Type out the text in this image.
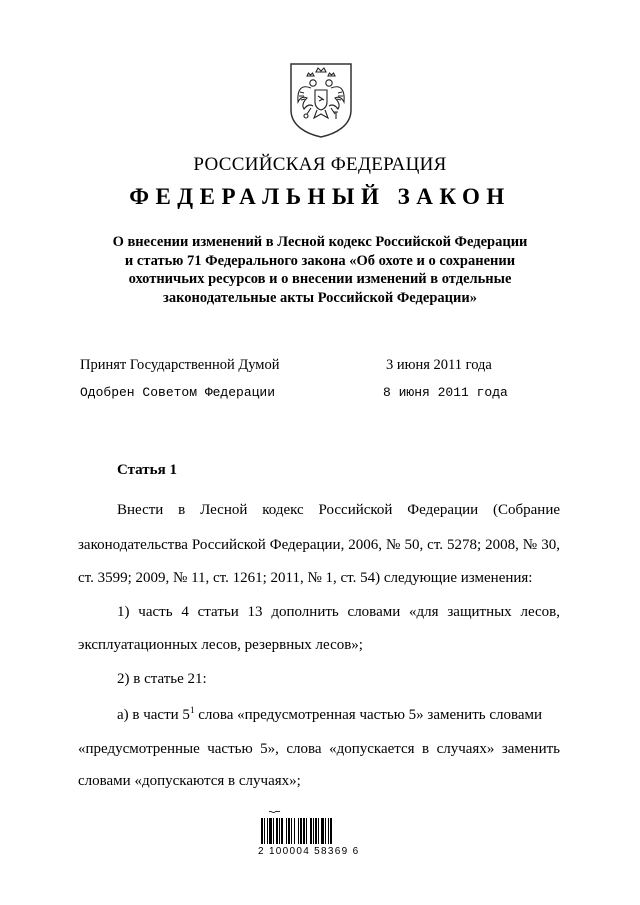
РОССИЙСКАЯ ФЕДЕРАЦИЯ
ФЕДЕРАЛЬНЫЙ ЗАКОН
О внесении изменений в Лесной кодекс Российской Федерации
и статью 71 Федерального закона «Об охоте и о сохранении
охотничьих ресурсов и о внесении изменений в отдельные
законодательные акты Российской Федерации»
Принят Государственной Думой	3 июня 2011 года
Одобрен Советом Федерации	8 июня 2011 года
Статья 1
Внести в Лесной кодекс Российской Федерации (Собрание
законодательства Российской Федерации, 2006, № 50, ст. 5278; 2008, № 30,
ст. 3599; 2009, № 11, ст. 1261; 2011, № 1, ст. 54) следующие изменения:
1) часть 4 статьи 13 дополнить словами «для защитных лесов,
эксплуатационных лесов, резервных лесов»;
2) в статье 21:
а) в части $5^1$ слова «предусмотренная частью 5» заменить словами
«предусмотренные частью 5», слова «допускается в случаях» заменить
словами «допускаются в случаях»;
2 100004 58369 6
